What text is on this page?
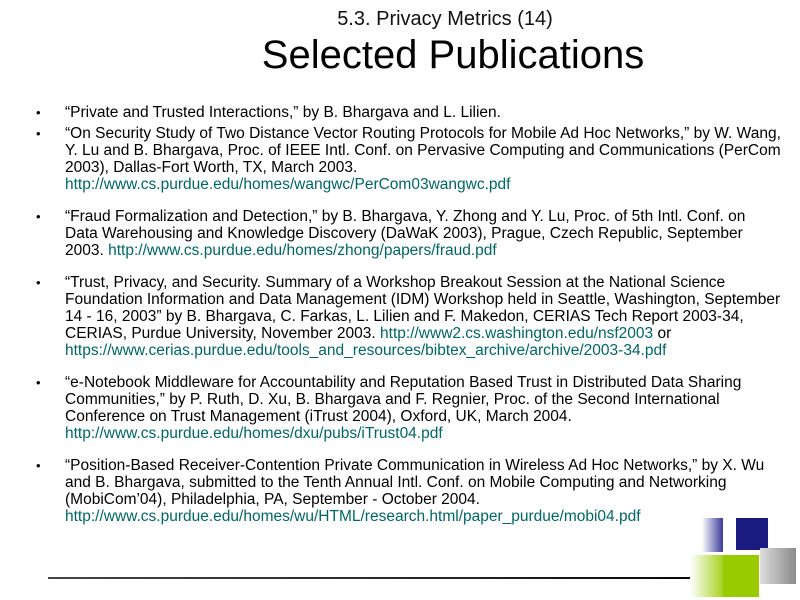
5.3. Privacy Metrics (14)
Selected Publications
• “Private and Trusted Interactions,” by B. Bhargava and L. Lilien.
• “On Security Study of Two Distance Vector Routing Protocols for Mobile Ad Hoc Networks,” by W. Wang, Y. Lu and B. Bhargava, Proc. of IEEE Intl. Conf. on Pervasive Computing and Communications (PerCom 2003), Dallas-Fort Worth, TX, March 2003. http://www.cs.purdue.edu/homes/wangwc/PerCom03wangwc.pdf
• “Fraud Formalization and Detection,” by B. Bhargava, Y. Zhong and Y. Lu, Proc. of 5th Intl. Conf. on Data Warehousing and Knowledge Discovery (DaWaK 2003), Prague, Czech Republic, September 2003. http://www.cs.purdue.edu/homes/zhong/papers/fraud.pdf
• “Trust, Privacy, and Security. Summary of a Workshop Breakout Session at the National Science Foundation Information and Data Management (IDM) Workshop held in Seattle, Washington, September 14 - 16, 2003” by B. Bhargava, C. Farkas, L. Lilien and F. Makedon, CERIAS Tech Report 2003-34, CERIAS, Purdue University, November 2003. http://www2.cs.washington.edu/nsf2003 or https://www.cerias.purdue.edu/tools_and_resources/bibtex_archive/archive/2003-34.pdf
• “e-Notebook Middleware for Accountability and Reputation Based Trust in Distributed Data Sharing Communities,” by P. Ruth, D. Xu, B. Bhargava and F. Regnier, Proc. of the Second International Conference on Trust Management (iTrust 2004), Oxford, UK, March 2004. http://www.cs.purdue.edu/homes/dxu/pubs/iTrust04.pdf
• “Position-Based Receiver-Contention Private Communication in Wireless Ad Hoc Networks,” by X. Wu and B. Bhargava, submitted to the Tenth Annual Intl. Conf. on Mobile Computing and Networking (MobiCom’04), Philadelphia, PA, September - October 2004. http://www.cs.purdue.edu/homes/wu/HTML/research.html/paper_purdue/mobi04.pdf
